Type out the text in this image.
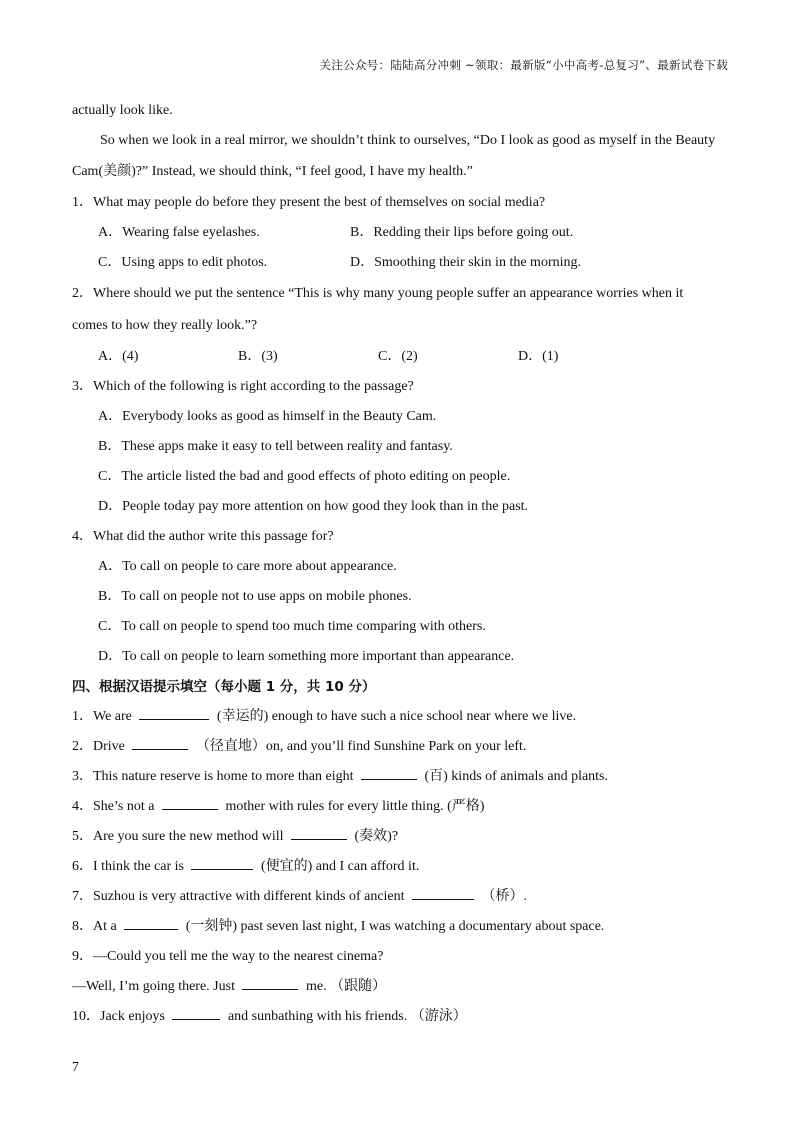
关注公众号：陆陆高分冲刺 ~领取：最新版“小中高考-总复习”、最新试卷下载
actually look like.
So when we look in a real mirror, we shouldn’t think to ourselves, “Do I look as good as myself in the Beauty
Cam(美颜)?” Instead, we should think, “I feel good, I have my health.”
1．What may people do before they present the best of themselves on social media?
A．Wearing false eyelashes.	B．Redding their lips before going out.
C．Using apps to edit photos.	D．Smoothing their skin in the morning.
2．Where should we put the sentence “This is why many young people suffer an appearance worries when it
comes to how they really look.”?
A．(4)	B．(3)	C．(2)	D．(1)
3．Which of the following is right according to the passage?
A．Everybody looks as good as himself in the Beauty Cam.
B．These apps make it easy to tell between reality and fantasy.
C．The article listed the bad and good effects of photo editing on people.
D．People today pay more attention on how good they look than in the past.
4．What did the author write this passage for?
A．To call on people to care more about appearance.
B．To call on people not to use apps on mobile phones.
C．To call on people to spend too much time comparing with others.
D．To call on people to learn something more important than appearance.
四、根据汉语提示填空（每小题 1 分，共 10 分）
1．We are	(幸运的) enough to have such a nice school near where we live.
2．Drive	（径直地）on, and you’ll find Sunshine Park on your left.
3．This nature reserve is home to more than eight	(百) kinds of animals and plants.
4．She’s not a	mother with rules for every little thing. (严格)
5．Are you sure the new method will	(奏效)?
6．I think the car is	(便宜的) and I can afford it.
7．Suzhou is very attractive with different kinds of ancient	（桥）.
8．At a	(一刻钟) past seven last night, I was watching a documentary about space.
9．—Could you tell me the way to the nearest cinema?
—Well, I’m going there. Just	me. （跟随）
10．Jack enjoys	and sunbathing with his friends. （游泳）
7
